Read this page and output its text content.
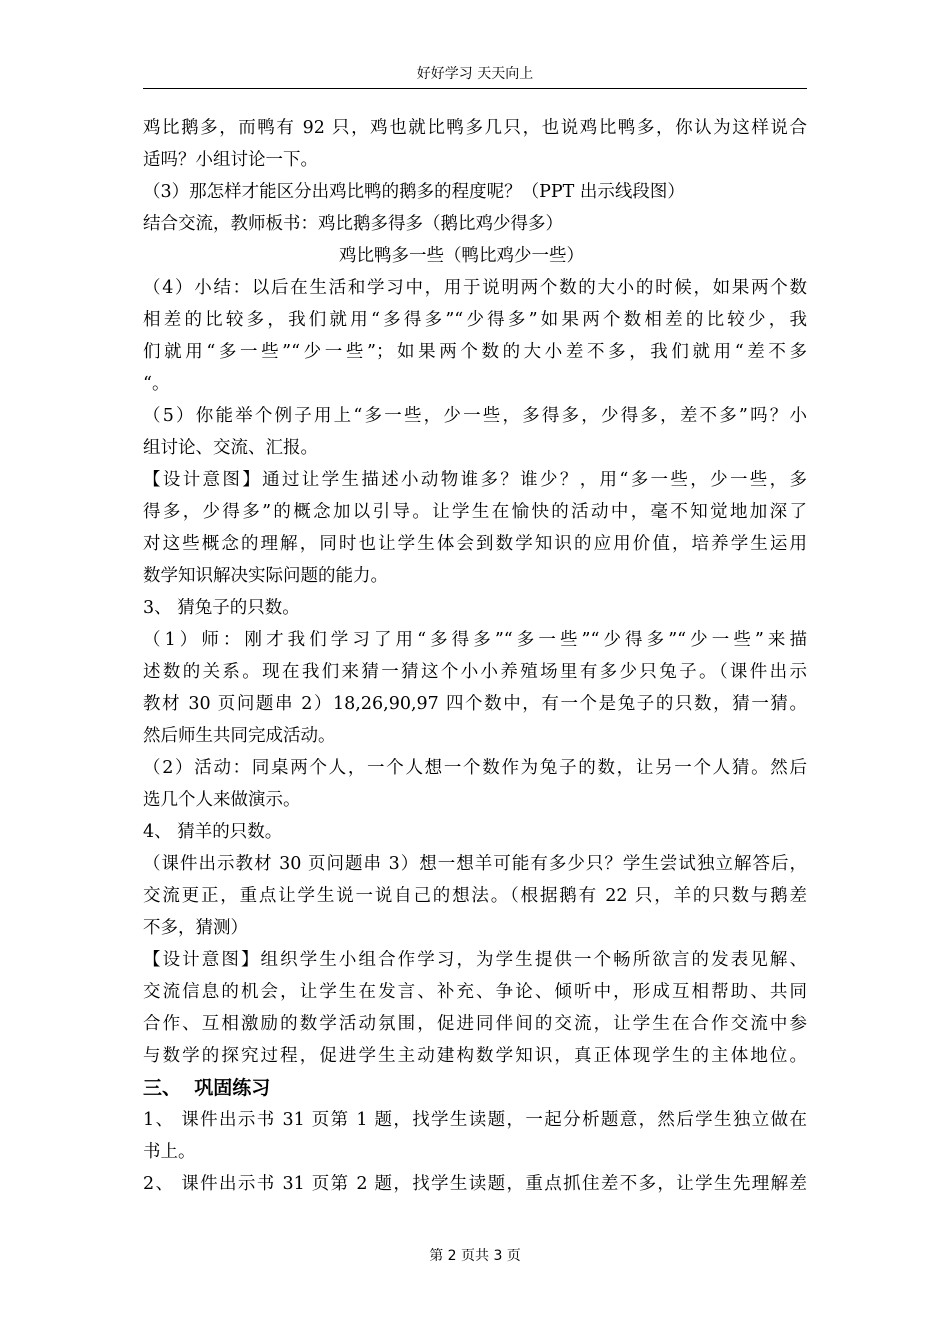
好好学习 天天向上
鸡比鹅多，而鸭有 92 只，鸡也就比鸭多几只，也说鸡比鸭多，你认为这样说合
适吗？小组讨论一下。
（3）那怎样才能区分出鸡比鸭的鹅多的程度呢？（PPT 出示线段图）
结合交流，教师板书：鸡比鹅多得多（鹅比鸡少得多）
鸡比鸭多一些（鸭比鸡少一些）
（4）小结：以后在生活和学习中，用于说明两个数的大小的时候，如果两个数
相差的比较多，我们就用“多得多”“少得多”如果两个数相差的比较少，我
们就用“多一些”“少一些”；如果两个数的大小差不多，我们就用“差不多
“。
（5）你能举个例子用上“多一些，少一些，多得多，少得多，差不多”吗？小
组讨论、交流、汇报。
【设计意图】通过让学生描述小动物谁多？谁少？，用“多一些，少一些，多
得多，少得多”的概念加以引导。让学生在愉快的活动中，毫不知觉地加深了
对这些概念的理解，同时也让学生体会到数学知识的应用价值，培养学生运用
数学知识解决实际问题的能力。
3、 猜兔子的只数。
（1）师：刚才我们学习了用“多得多”“多一些”“少得多”“少一些”来描
述数的关系。现在我们来猜一猜这个小小养殖场里有多少只兔子。（课件出示
教材 30 页问题串 2）18,26,90,97 四个数中，有一个是兔子的只数，猜一猜。
然后师生共同完成活动。
（2）活动：同桌两个人，一个人想一个数作为兔子的数，让另一个人猜。然后
选几个人来做演示。
4、 猜羊的只数。
（课件出示教材 30 页问题串 3）想一想羊可能有多少只？学生尝试独立解答后，
交流更正，重点让学生说一说自己的想法。（根据鹅有 22 只，羊的只数与鹅差
不多，猜测）
【设计意图】组织学生小组合作学习，为学生提供一个畅所欲言的发表见解、
交流信息的机会，让学生在发言、补充、争论、倾听中，形成互相帮助、共同
合作、互相激励的数学活动氛围，促进同伴间的交流，让学生在合作交流中参
与数学的探究过程，促进学生主动建构数学知识，真正体现学生的主体地位。
三、  巩固练习
1、 课件出示书 31 页第 1 题，找学生读题，一起分析题意，然后学生独立做在
书上。
2、 课件出示书 31 页第 2 题，找学生读题，重点抓住差不多，让学生先理解差
第 2 页共 3 页
